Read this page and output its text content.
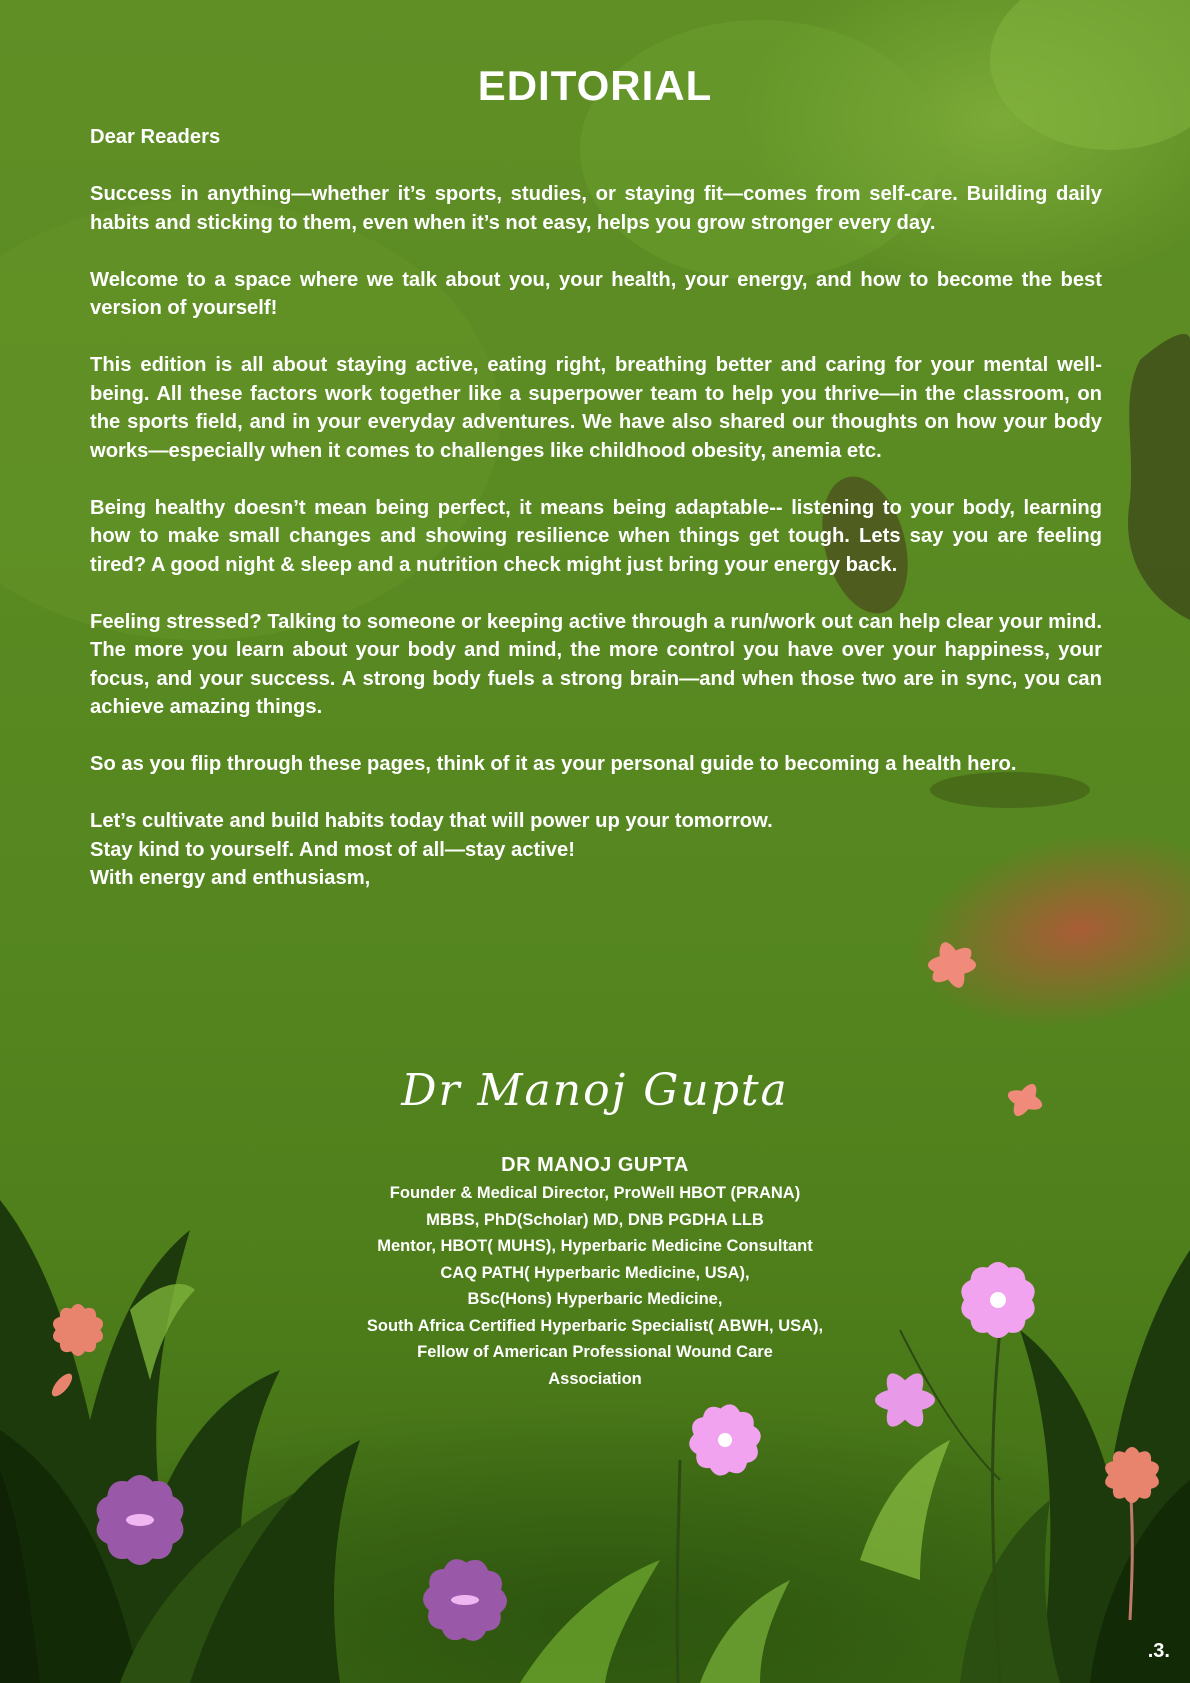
EDITORIAL

Dear Readers

Success in anything—whether it’s sports, studies, or staying fit—comes from self-care. Building daily habits and sticking to them, even when it’s not easy, helps you grow stronger every day.

Welcome to a space where we talk about you, your health, your energy, and how to become the best version of yourself!

This edition is all about staying active, eating right, breathing better and caring for your mental well-being. All these factors work together like a superpower team to help you thrive—in the classroom, on the sports field, and in your everyday adventures. We have also shared our thoughts on how your body works—especially when it comes to challenges like childhood obesity, anemia etc.

Being healthy doesn’t mean being perfect, it means being adaptable-- listening to your body, learning how to make small changes and showing resilience when things get tough. Lets say you are feeling tired? A good night & sleep and a nutrition check might just bring your energy back.

Feeling stressed? Talking to someone or keeping active through a run/work out can help clear your mind. The more you learn about your body and mind, the more control you have over your happiness, your focus, and your success. A strong body fuels a strong brain—and when those two are in sync, you can achieve amazing things.

So as you flip through these pages, think of it as your personal guide to becoming a health hero.

Let’s cultivate and build habits today that will power up your tomorrow.
Stay kind to yourself. And most of all—stay active!
With energy and enthusiasm,
Dr Manoj Gupta
DR MANOJ GUPTA
Founder & Medical Director, ProWell HBOT (PRANA)
MBBS, PhD(Scholar) MD, DNB PGDHA LLB
Mentor, HBOT( MUHS), Hyperbaric Medicine Consultant
CAQ PATH( Hyperbaric Medicine, USA),
BSc(Hons) Hyperbaric Medicine,
South Africa Certified Hyperbaric Specialist( ABWH, USA),
Fellow of American Professional Wound Care
Association
.3.
